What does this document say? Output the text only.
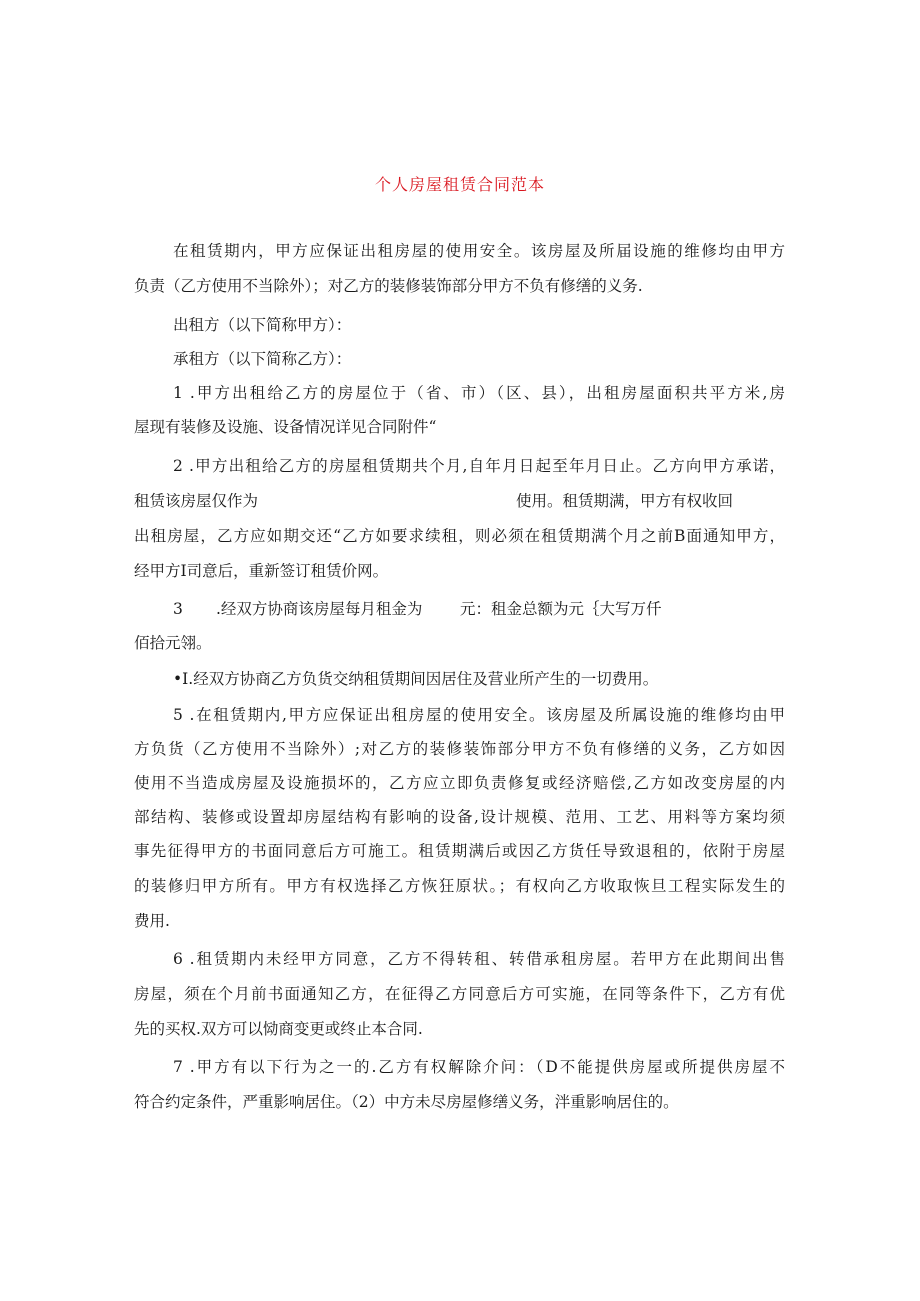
个人房屋租赁合同范本
在租赁期内，甲方应保证出租房屋的使用安全。该房屋及所届设施的维修均由甲方
负责（乙方使用不当除外）；对乙方的装修装饰部分甲方不负有修缮的义务.
出租方（以下简称甲方）：
承租方（以下简称乙方）：
1 .甲方出租给乙方的房屋位于（省、市）（区、县），出租房屋面积共平方米,房
屋现有装修及设施、设备情况详见合同附件“
2 .甲方出租给乙方的房屋租赁期共个月,自年月日起至年月日止。乙方向甲方承诺，
租赁该房屋仅作为	使用。租赁期满，甲方有权收回
出租房屋，乙方应如期交还“乙方如要求续租，则必须在租赁期满个月之前B面通知甲方，
经甲方I司意后，重新签订租赁价网。
3 .经双方协商该房屋每月租金为 元：租金总额为元｛大写万仟
佰拾元翎。
•I.经双方协商乙方负货交纳租赁期间因居住及营业所产生的一切费用。
5 .在租赁期内,甲方应保证出租房屋的使用安全。该房屋及所属设施的维修均由甲
方负货（乙方使用不当除外）;对乙方的装修装饰部分甲方不负有修缮的义务，乙方如因
使用不当造成房屋及设施损坏的，乙方应立即负责修复或经济赔偿,乙方如改变房屋的内
部结构、装修或设置却房屋结构有影响的设备,设计规模、范用、工艺、用料等方案均须
事先征得甲方的书面同意后方可施工。租赁期满后或因乙方货任导致退租的，依附于房屋
的装修归甲方所有。甲方有权选择乙方恢狂原状。；有权向乙方收取恢旦工程实际发生的
费用.
6 .租赁期内未经甲方同意，乙方不得转租、转借承租房屋。若甲方在此期间出售
房屋，须在个月前书面通知乙方，在征得乙方同意后方可实施，在同等条件下，乙方有优
先的买权.双方可以恸商变更或终止本合同.
7 .甲方有以下行为之一的.乙方有权解除介问：（D不能提供房屋或所提供房屋不
符合约定条件，严重影响居住。（2）中方未尽房屋修缮义务，泮重影响居住的。
